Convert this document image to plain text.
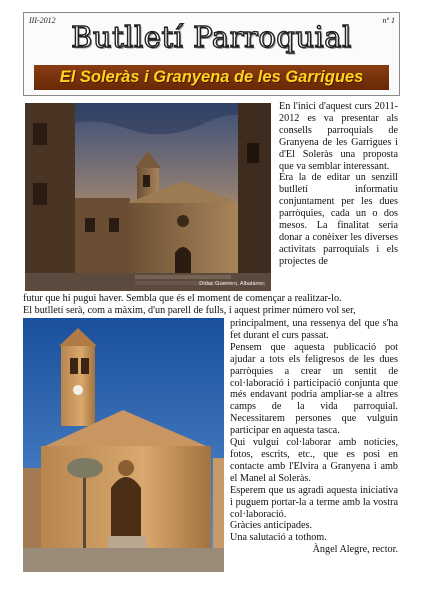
III-2012	nº 1
Butlletí Parroquial
El Soleràs i Granyena de les Garrigues
Dídac Guerrero, Albatàrrec

En l'inici d'aquest curs 2011-2012 es va presentar als consells parroquials de Granyena de les Garrigues i d'El Soleràs una proposta que va semblar interessant.

Era la de editar un senzill butlletí informatiu conjuntament per les dues parròquies, cada un o dos mesos. La finalitat seria donar a conèixer les diverses activitats parroquials i els projectes de

futur que hi pugui haver. Sembla que és el moment de començar a realitzar-lo.

El butlletí serà, com a màxim, d'un parell de fulls, i aquest primer número vol ser,

principalment, una ressenya del que s'ha fet durant el curs passat.

Pensem que aquesta publicació pot ajudar a tots els feligresos de les dues parròquies a crear un sentit de col·laboració i participació conjunta que més endavant podria ampliar-se a altres camps de la vida parroquial. Necessitarem persones que vulguin participar en aquesta tasca.

Qui vulgui col·laborar amb notícies, fotos, escrits, etc., que es posi en contacte amb l'Elvira a Granyena i amb el Manel al Soleràs.

Esperem que us agradi aquesta iniciativa i puguem portar-la a terme amb la vostra col·laboració.

Gràcies anticipades.

Una salutació a tothom.

Àngel Alegre, rector.
